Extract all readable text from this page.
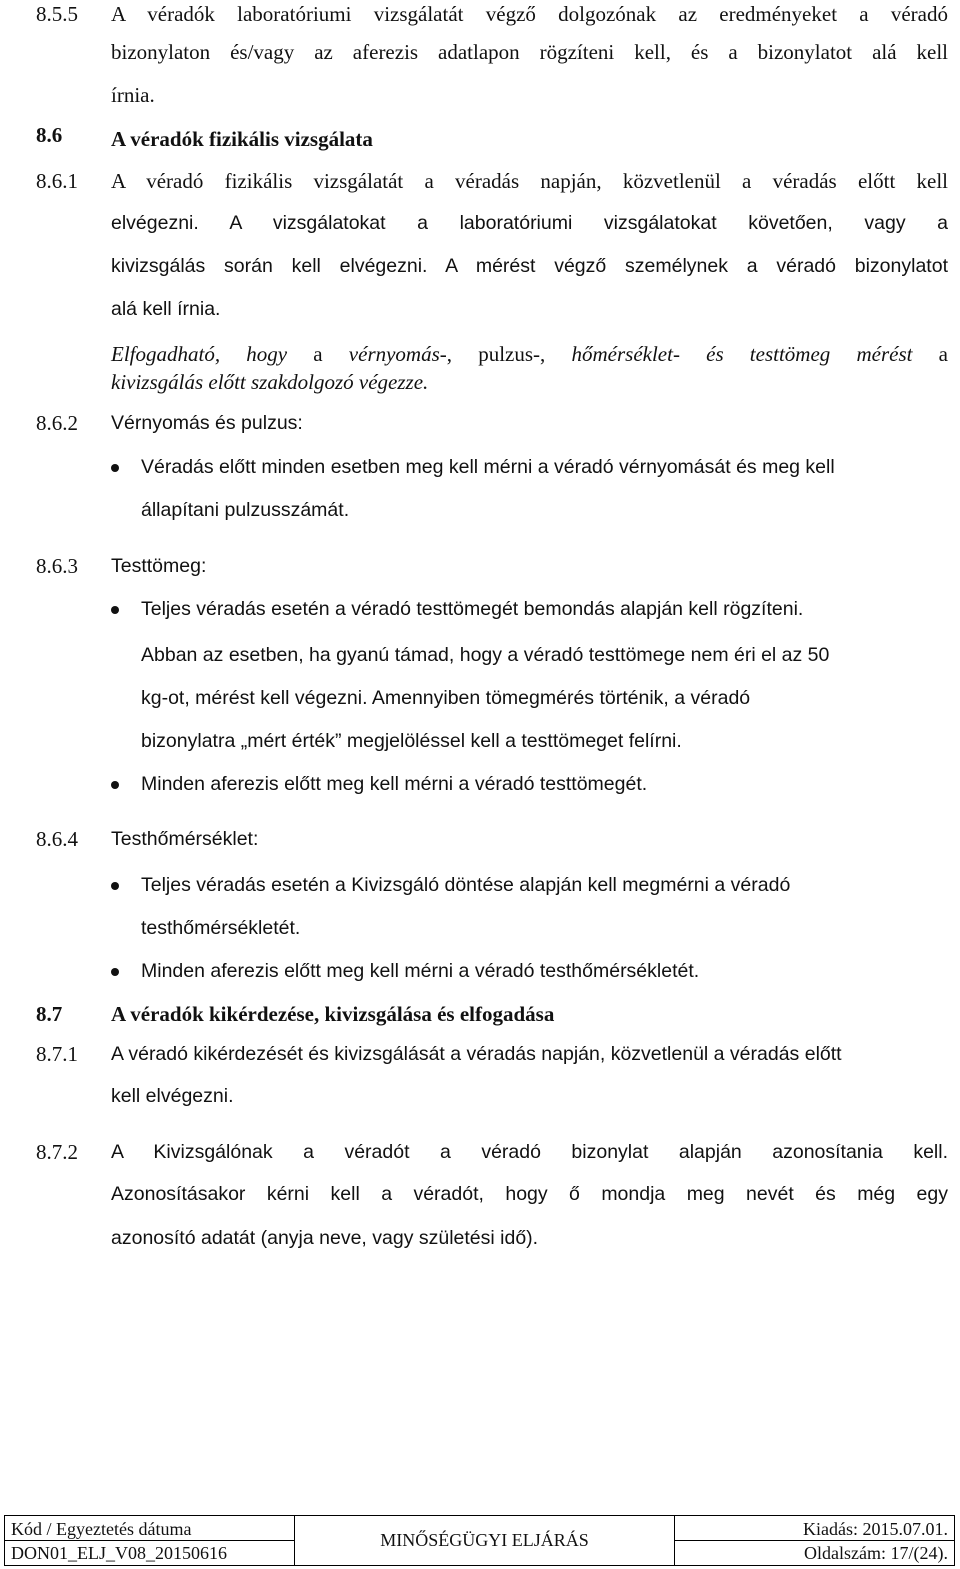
8.5.5 A véradók laboratóriumi vizsgálatát végző dolgozónak az eredményeket a véradó
bizonylaton és/vagy az aferezis adatlapon rögzíteni kell, és a bizonylatot alá kell
írnia.
8.6 A véradók fizikális vizsgálata
8.6.1 A véradó fizikális vizsgálatát a véradás napján, közvetlenül a véradás előtt kell
elvégezni. A vizsgálatokat a laboratóriumi vizsgálatokat követően, vagy a
kivizsgálás során kell elvégezni. A mérést végző személynek a véradó bizonylatot
alá kell írnia.
Elfogadható, hogy a vérnyomás-, pulzus-, hőmérséklet- és testtömeg mérést a
kivizsgálás előtt szakdolgozó végezze.
8.6.2 Vérnyomás és pulzus:
Véradás előtt minden esetben meg kell mérni a véradó vérnyomását és meg kell
állapítani pulzusszámát.
8.6.3 Testtömeg:
Teljes véradás esetén a véradó testtömegét bemondás alapján kell rögzíteni.
Abban az esetben, ha gyanú támad, hogy a véradó testtömege nem éri el az 50
kg-ot, mérést kell végezni. Amennyiben tömegmérés történik, a véradó
bizonylatra „mért érték” megjelöléssel kell a testtömeget felírni.
Minden aferezis előtt meg kell mérni a véradó testtömegét.
8.6.4 Testhőmérséklet:
Teljes véradás esetén a Kivizsgáló döntése alapján kell megmérni a véradó
testhőmérsékletét.
Minden aferezis előtt meg kell mérni a véradó testhőmérsékletét.
8.7 A véradók kikérdezése, kivizsgálása és elfogadása
8.7.1 A véradó kikérdezését és kivizsgálását a véradás napján, közvetlenül a véradás előtt
kell elvégezni.
8.7.2 A Kivizsgálónak a véradót a véradó bizonylat alapján azonosítania kell.
Azonosításakor kérni kell a véradót, hogy ő mondja meg nevét és még egy
azonosító adatát (anyja neve, vagy születési idő).
Kód / Egyeztetés dátuma
DON01_ELJ_V08_20150616
MINŐSÉGÜGYI ELJÁRÁS
Kiadás: 2015.07.01.
Oldalszám: 17/(24).
